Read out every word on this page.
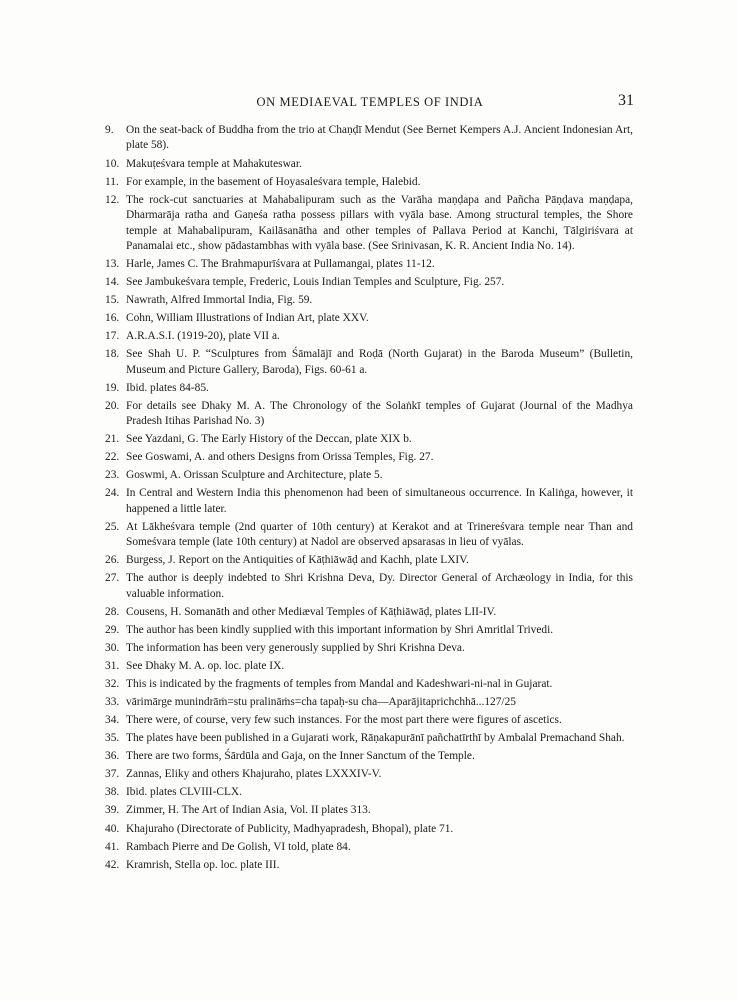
ON MEDIAEVAL TEMPLES OF INDIA	31
9.	On the seat-back of Buddha from the trio at Chaṇḍī Mendut (See Bernet Kempers A.J. Ancient Indonesian Art, plate 58).
10. Makuṭeśvara temple at Mahakuteswar.
11. For example, in the basement of Hoyasaleśvara temple, Halebid.
12. The rock-cut sanctuaries at Mahabalipuram such as the Varāha maṇḍapa and Pañcha Pāṇḍava maṇḍapa, Dharmarāja ratha and Gaṇeśa ratha possess pillars with vyāla base. Among structural temples, the Shore temple at Mahabalipuram, Kailāsanātha and other temples of Pallava Period at Kanchi, Tālgiriśvara at Panamalai etc., show pādastambhas with vyāla base. (See Srinivasan, K. R. Ancient India No. 14).
13. Harle, James C. The Brahmapurīśvara at Pullamangai, plates 11-12.
14. See Jambukeśvara temple, Frederic, Louis Indian Temples and Sculpture, Fig. 257.
15. Nawrath, Alfred Immortal India, Fig. 59.
16. Cohn, William Illustrations of Indian Art, plate XXV.
17. A.R.A.S.I. (1919-20), plate VII a.
18. See Shah U. P. “Sculptures from Śāmalājī and Roḍā (North Gujarat) in the Baroda Museum” (Bulletin, Museum and Picture Gallery, Baroda), Figs. 60-61 a.
19. Ibid. plates 84-85.
20. For details see Dhaky M. A. The Chronology of the Solaṅkī temples of Gujarat (Journal of the Madhya Pradesh Itihas Parishad No. 3)
21. See Yazdani, G. The Early History of the Deccan, plate XIX b.
22. See Goswami, A. and others Designs from Orissa Temples, Fig. 27.
23. Goswmi, A. Orissan Sculpture and Architecture, plate 5.
24. In Central and Western India this phenomenon had been of simultaneous occurrence. In Kaliṅga, however, it happened a little later.
25. At Lākheśvara temple (2nd quarter of 10th century) at Kerakot and at Trinereśvara temple near Than and Someśvara temple (late 10th century) at Nadol are observed apsarasas in lieu of vyālas.
26. Burgess, J. Report on the Antiquities of Kāṭhiāwāḍ and Kachh, plate LXIV.
27. The author is deeply indebted to Shri Krishna Deva, Dy. Director General of Archæology in India, for this valuable information.
28. Cousens, H. Somanāth and other Mediæval Temples of Kāṭhiāwāḍ, plates LII-IV.
29. The author has been kindly supplied with this important information by Shri Amritlal Trivedi.
30. The information has been very generously supplied by Shri Krishna Deva.
31. See Dhaky M. A. op. loc. plate IX.
32. This is indicated by the fragments of temples from Mandal and Kadeshwari-ni-nal in Gujarat.
33. vārimārge munindrāṁ=stu pralināṁs=cha tapaḥ-su cha—Aparājitaprichchhā...127/25
34. There were, of course, very few such instances. For the most part there were figures of ascetics.
35. The plates have been published in a Gujarati work, Rāṇakapurānī pañchatīrthī by Ambalal Premachand Shah.
36. There are two forms, Śārdūla and Gaja, on the Inner Sanctum of the Temple.
37. Zannas, Eliky and others Khajuraho, plates LXXXIV-V.
38. Ibid. plates CLVIII-CLX.
39. Zimmer, H. The Art of Indian Asia, Vol. II plates 313.
40. Khajuraho (Directorate of Publicity, Madhyapradesh, Bhopal), plate 71.
41. Rambach Pierre and De Golish, VI told, plate 84.
42. Kramrish, Stella op. loc. plate III.
